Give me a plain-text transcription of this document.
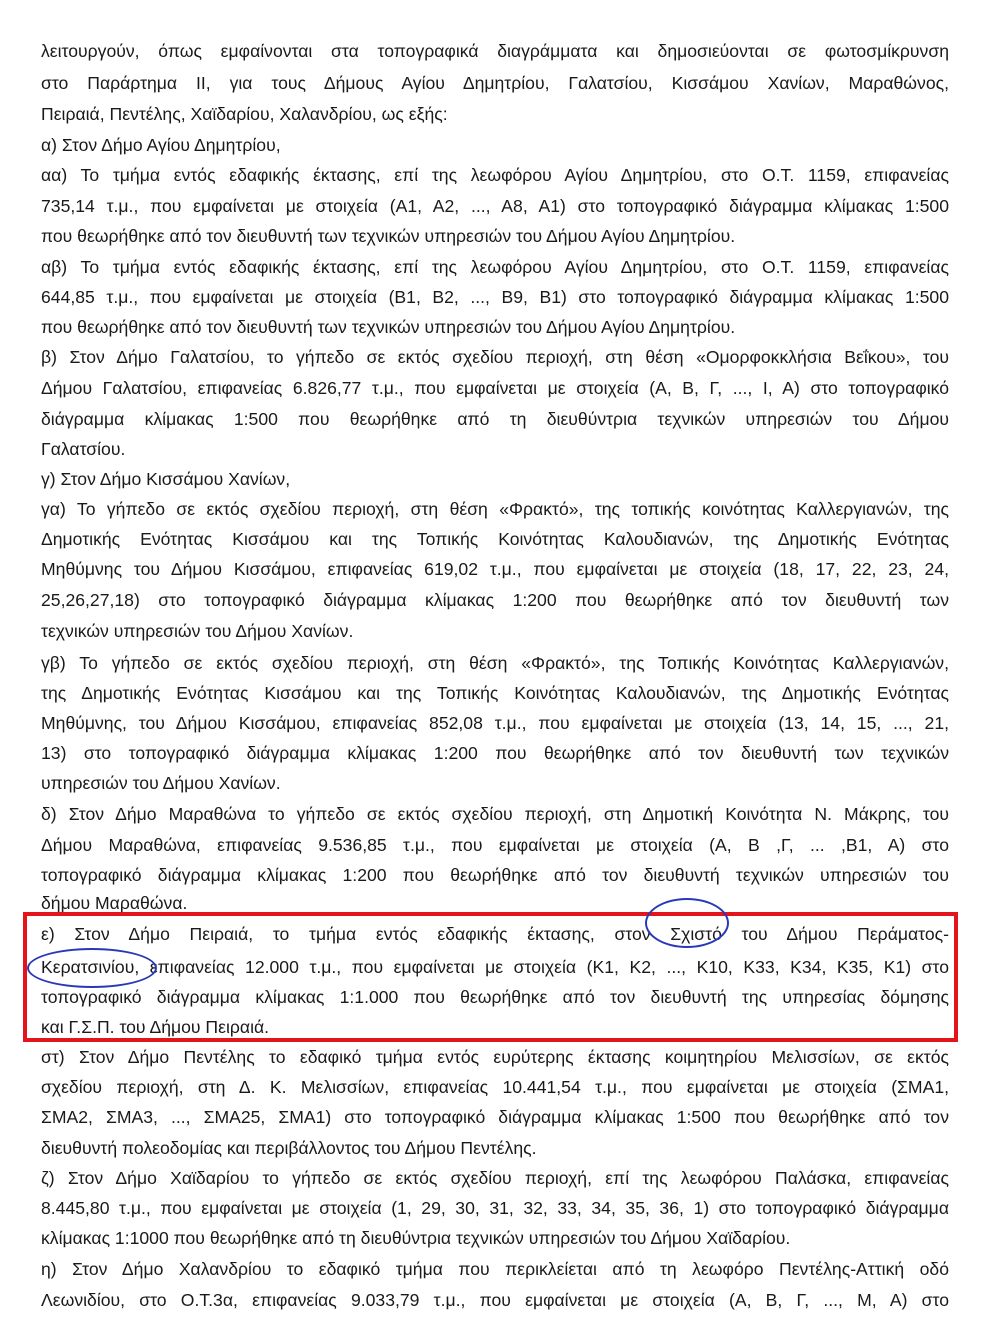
λειτουργούν, όπως εμφαίνονται στα τοπογραφικά διαγράμματα και δημοσιεύονται σε φωτοσμίκρυνση
στο Παράρτημα ΙΙ, για τους Δήμους Αγίου Δημητρίου, Γαλατσίου, Κισσάμου Χανίων, Μαραθώνος,
Πειραιά, Πεντέλης, Χαϊδαρίου, Χαλανδρίου, ως εξής:
α) Στον Δήμο Αγίου Δημητρίου,
αα) Το τμήμα εντός εδαφικής έκτασης, επί της λεωφόρου Αγίου Δημητρίου, στο Ο.Τ. 1159, επιφανείας
735,14 τ.μ., που εμφαίνεται με στοιχεία (Α1, Α2, ..., Α8, Α1) στο τοπογραφικό διάγραμμα κλίμακας 1:500
που θεωρήθηκε από τον διευθυντή των τεχνικών υπηρεσιών του Δήμου Αγίου Δημητρίου.
αβ) Το τμήμα εντός εδαφικής έκτασης, επί της λεωφόρου Αγίου Δημητρίου, στο Ο.Τ. 1159, επιφανείας
644,85 τ.μ., που εμφαίνεται με στοιχεία (Β1, Β2, ..., Β9, Β1) στο τοπογραφικό διάγραμμα κλίμακας 1:500
που θεωρήθηκε από τον διευθυντή των τεχνικών υπηρεσιών του Δήμου Αγίου Δημητρίου.
β) Στον Δήμο Γαλατσίου, το γήπεδο σε εκτός σχεδίου περιοχή, στη θέση «Ομορφοκκλήσια Βεΐκου», του
Δήμου Γαλατσίου, επιφανείας 6.826,77 τ.μ., που εμφαίνεται με στοιχεία (Α, Β, Γ, ..., Ι, Α) στο τοπογραφικό
διάγραμμα κλίμακας 1:500 που θεωρήθηκε από τη διευθύντρια τεχνικών υπηρεσιών του Δήμου
Γαλατσίου.
γ) Στον Δήμο Κισσάμου Χανίων,
γα) Το γήπεδο σε εκτός σχεδίου περιοχή, στη θέση «Φρακτό», της τοπικής κοινότητας Καλλεργιανών, της
Δημοτικής Ενότητας Κισσάμου και της Τοπικής Κοινότητας Καλουδιανών, της Δημοτικής Ενότητας
Μηθύμνης του Δήμου Κισσάμου, επιφανείας 619,02 τ.μ., που εμφαίνεται με στοιχεία (18, 17, 22, 23, 24,
25,26,27,18) στο τοπογραφικό διάγραμμα κλίμακας 1:200 που θεωρήθηκε από τον διευθυντή των
τεχνικών υπηρεσιών του Δήμου Χανίων.
γβ) Το γήπεδο σε εκτός σχεδίου περιοχή, στη θέση «Φρακτό», της Τοπικής Κοινότητας Καλλεργιανών,
της Δημοτικής Ενότητας Κισσάμου και της Τοπικής Κοινότητας Καλουδιανών, της Δημοτικής Ενότητας
Μηθύμνης, του Δήμου Κισσάμου, επιφανείας 852,08 τ.μ., που εμφαίνεται με στοιχεία (13, 14, 15, ..., 21,
13) στο τοπογραφικό διάγραμμα κλίμακας 1:200 που θεωρήθηκε από τον διευθυντή των τεχνικών
υπηρεσιών του Δήμου Χανίων.
δ) Στον Δήμο Μαραθώνα το γήπεδο σε εκτός σχεδίου περιοχή, στη Δημοτική Κοινότητα Ν. Μάκρης, του
Δήμου Μαραθώνα, επιφανείας 9.536,85 τ.μ., που εμφαίνεται με στοιχεία (Α, Β ,Γ, ... ,Β1, Α) στο
τοπογραφικό διάγραμμα κλίμακας 1:200 που θεωρήθηκε από τον διευθυντή τεχνικών υπηρεσιών του
δήμου Μαραθώνα.
ε) Στον Δήμο Πειραιά, το τμήμα εντός εδαφικής έκτασης, στον Σχιστό του Δήμου Περάματος-
Κερατσινίου, επιφανείας 12.000 τ.μ., που εμφαίνεται με στοιχεία (Κ1, Κ2, ..., Κ10, Κ33, Κ34, Κ35, Κ1) στο
τοπογραφικό διάγραμμα κλίμακας 1:1.000 που θεωρήθηκε από τον διευθυντή της υπηρεσίας δόμησης
και Γ.Σ.Π. του Δήμου Πειραιά.
στ) Στον Δήμο Πεντέλης το εδαφικό τμήμα εντός ευρύτερης έκτασης κοιμητηρίου Μελισσίων, σε εκτός
σχεδίου περιοχή, στη Δ. Κ. Μελισσίων, επιφανείας 10.441,54 τ.μ., που εμφαίνεται με στοιχεία (ΣΜΑ1,
ΣΜΑ2, ΣΜΑ3, ..., ΣΜΑ25, ΣΜΑ1) στο τοπογραφικό διάγραμμα κλίμακας 1:500 που θεωρήθηκε από τον
διευθυντή πολεοδομίας και περιβάλλοντος του Δήμου Πεντέλης.
ζ) Στον Δήμο Χαϊδαρίου το γήπεδο σε εκτός σχεδίου περιοχή, επί της λεωφόρου Παλάσκα, επιφανείας
8.445,80 τ.μ., που εμφαίνεται με στοιχεία (1, 29, 30, 31, 32, 33, 34, 35, 36, 1) στο τοπογραφικό διάγραμμα
κλίμακας 1:1000 που θεωρήθηκε από τη διευθύντρια τεχνικών υπηρεσιών του Δήμου Χαϊδαρίου.
η) Στον Δήμο Χαλανδρίου το εδαφικό τμήμα που περικλείεται από τη λεωφόρο Πεντέλης-Αττική οδό
Λεωνιδίου, στο Ο.Τ.3α, επιφανείας 9.033,79 τ.μ., που εμφαίνεται με στοιχεία (Α, Β, Γ, ..., Μ, Α) στο
